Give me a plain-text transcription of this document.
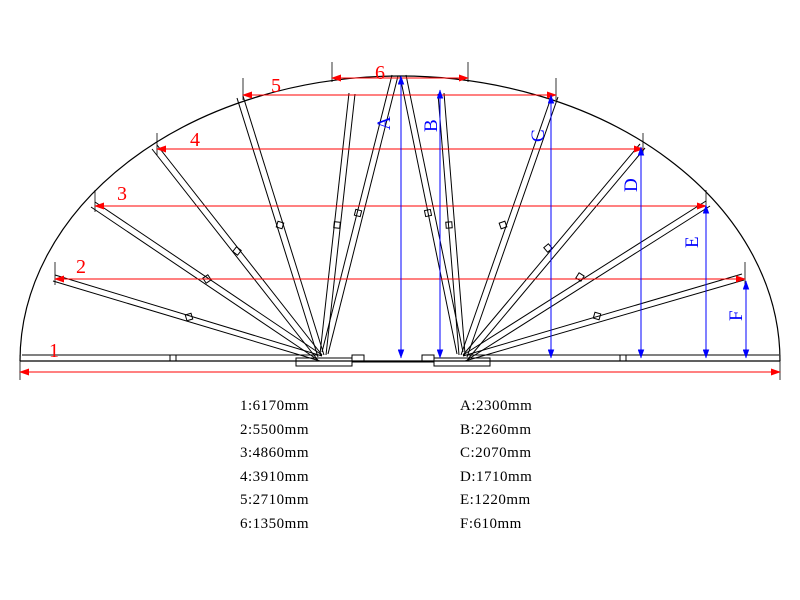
1
2
3
4
5
6
A B
C
D
E
F
1:6170mm
2:5500mm
3:4860mm
4:3910mm
5:2710mm
6:1350mm
A:2300mm
B:2260mm
C:2070mm
D:1710mm
E:1220mm
F:610mm
